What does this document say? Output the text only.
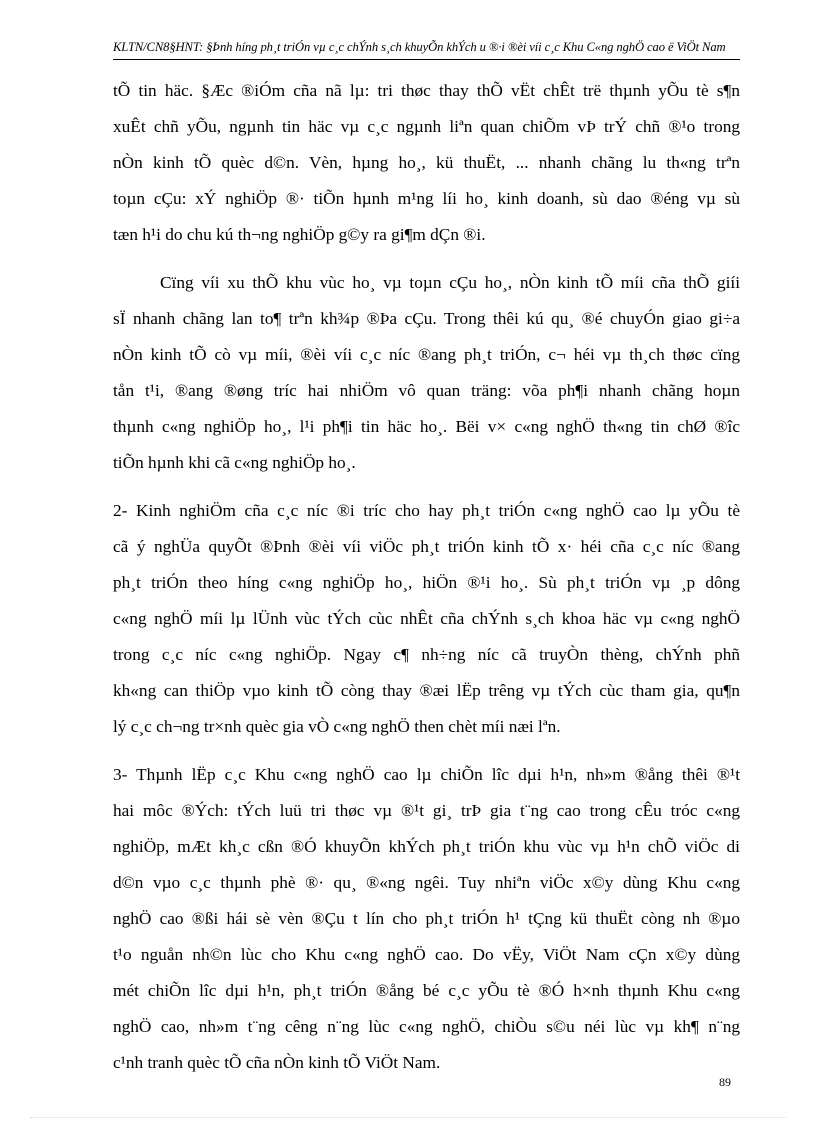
KLTN/CN8§HNT: §Þnh híng ph¸t triÓn vµ c¸c chÝnh s¸ch khuyÕn khÝch u ®·i ®èi víi c¸c Khu C«ng nghÖ cao ë ViÖt Nam
tÕ tin häc. §Æc ®iÓm cña nã lµ: tri thøc thay thÕ vËt chÊt trë thµnh yÕu tè s¶n
xuÊt chñ yÕu, ngµnh tin häc vµ c¸c ngµnh liªn quan chiÕm vÞ trÝ chñ ®¹o trong
nÒn kinh tÕ quèc d©n. Vèn, hµng ho¸, kü thuËt, ... nhanh chãng lu th«ng trªn
toµn cÇu: xÝ nghiÖp ®· tiÕn hµnh m¹ng líi ho¸ kinh doanh, sù dao ®éng vµ sù
tæn h¹i do chu kú th¬ng nghiÖp g©y ra gi¶m dÇn ®i.
Cïng víi xu thÕ khu vùc ho¸ vµ toµn cÇu ho¸, nÒn kinh tÕ míi cña thÕ giíi
sÏ nhanh chãng lan to¶ trªn kh¾p ®Þa cÇu. Trong thêi kú qu¸ ®é chuyÓn giao gi÷a
nÒn kinh tÕ cò vµ míi, ®èi víi c¸c níc ®ang ph¸t triÓn, c¬ héi vµ th¸ch thøc cïng
tån t¹i, ®ang ®øng tríc hai nhiÖm vô quan träng: võa ph¶i nhanh chãng hoµn
thµnh c«ng nghiÖp ho¸, l¹i ph¶i tin häc ho¸. Bëi v× c«ng nghÖ th«ng tin chØ ®îc
tiÕn hµnh khi cã c«ng nghiÖp ho¸.
2- Kinh nghiÖm cña c¸c níc ®i tríc cho hay ph¸t triÓn c«ng nghÖ cao lµ yÕu tè
cã ý nghÜa quyÕt ®Þnh ®èi víi viÖc ph¸t triÓn kinh tÕ x· héi cña c¸c níc ®ang
ph¸t triÓn theo híng c«ng nghiÖp ho¸, hiÖn ®¹i ho¸. Sù ph¸t triÓn vµ ¸p dông
c«ng nghÖ míi lµ lÜnh vùc tÝch cùc nhÊt cña chÝnh s¸ch khoa häc vµ c«ng nghÖ
trong c¸c níc c«ng nghiÖp. Ngay c¶ nh÷ng níc cã truyÒn thèng, chÝnh phñ
kh«ng can thiÖp vµo kinh tÕ còng thay ®æi lËp trêng vµ tÝch cùc tham gia, qu¶n
lý c¸c ch¬ng tr×nh quèc gia vÒ c«ng nghÖ then chèt míi næi lªn.
3- Thµnh lËp c¸c Khu c«ng nghÖ cao lµ chiÕn lîc dµi h¹n, nh»m ®ång thêi ®¹t
hai môc ®Ých: tÝch luü tri thøc vµ ®¹t gi¸ trÞ gia t¨ng cao trong cÊu tróc c«ng
nghiÖp, mÆt kh¸c cßn ®Ó khuyÕn khÝch ph¸t triÓn khu vùc vµ h¹n chÕ viÖc di
d©n vµo c¸c thµnh phè ®· qu¸ ®«ng ngêi. Tuy nhiªn viÖc x©y dùng Khu c«ng
nghÖ cao ®ßi hái sè vèn ®Çu t lín cho ph¸t triÓn h¹ tÇng kü thuËt còng nh ®µo
t¹o nguån nh©n lùc cho Khu c«ng nghÖ cao. Do vËy, ViÖt Nam cÇn x©y dùng
mét chiÕn lîc dµi h¹n, ph¸t triÓn ®ång bé c¸c yÕu tè ®Ó h×nh thµnh Khu c«ng
nghÖ cao, nh»m t¨ng cêng n¨ng lùc c«ng nghÖ, chiÒu s©u néi lùc vµ kh¶ n¨ng
c¹nh tranh quèc tÕ cña nÒn kinh tÕ ViÖt Nam.
89
